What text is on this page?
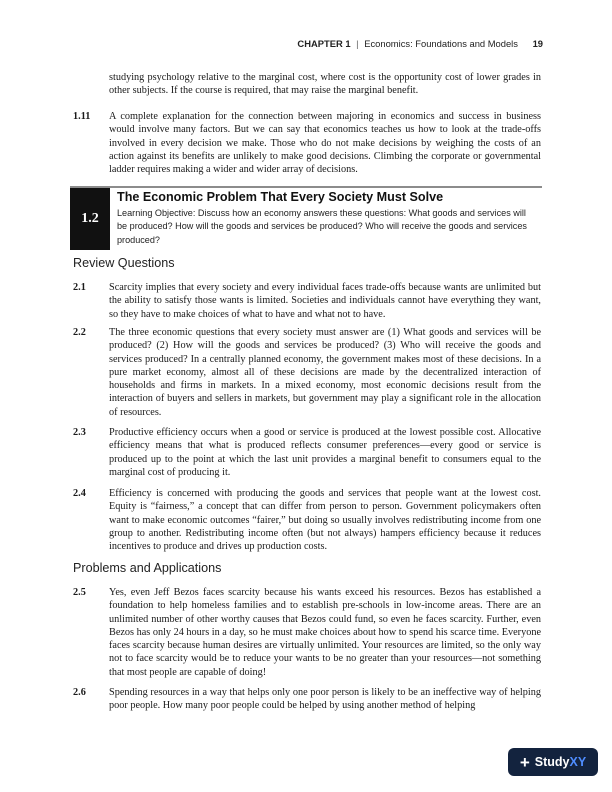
CHAPTER 1 | Economics: Foundations and Models 19
studying psychology relative to the marginal cost, where cost is the opportunity cost of lower grades in other subjects. If the course is required, that may raise the marginal benefit.
1.11 A complete explanation for the connection between majoring in economics and success in business would involve many factors. But we can say that economics teaches us how to look at the trade-offs involved in every decision we make. Those who do not make decisions by weighing the costs of an action against its benefits are unlikely to make good decisions. Climbing the corporate or governmental ladder requires making a wider and wider array of decisions.
1.2
The Economic Problem That Every Society Must Solve
Learning Objective: Discuss how an economy answers these questions: What goods and services will be produced? How will the goods and services be produced? Who will receive the goods and services produced?
Review Questions
2.1 Scarcity implies that every society and every individual faces trade-offs because wants are unlimited but the ability to satisfy those wants is limited. Societies and individuals cannot have everything they want, so they have to make choices of what to have and what not to have.
2.2 The three economic questions that every society must answer are (1) What goods and services will be produced? (2) How will the goods and services be produced? (3) Who will receive the goods and services produced? In a centrally planned economy, the government makes most of these decisions. In a pure market economy, almost all of these decisions are made by the decentralized interaction of households and firms in markets. In a mixed economy, most economic decisions result from the interaction of buyers and sellers in markets, but government may play a significant role in the allocation of resources.
2.3 Productive efficiency occurs when a good or service is produced at the lowest possible cost. Allocative efficiency means that what is produced reflects consumer preferences—every good or service is produced up to the point at which the last unit provides a marginal benefit to consumers equal to the marginal cost of producing it.
2.4 Efficiency is concerned with producing the goods and services that people want at the lowest cost. Equity is “fairness,” a concept that can differ from person to person. Government policymakers often want to make economic outcomes “fairer,” but doing so usually involves redistributing income from one group to another. Redistributing income often (but not always) hampers efficiency because it reduces incentives to produce and drives up production costs.
Problems and Applications
2.5 Yes, even Jeff Bezos faces scarcity because his wants exceed his resources. Bezos has established a foundation to help homeless families and to establish pre-schools in low-income areas. There are an unlimited number of other worthy causes that Bezos could fund, so even he faces scarcity. Further, even Bezos has only 24 hours in a day, so he must make choices about how to spend his scarce time. Everyone faces scarcity because human desires are virtually unlimited. Your resources are limited, so the only way not to face scarcity would be to reduce your wants to be no greater than your resources—not something that most people are capable of doing!
2.6 Spending resources in a way that helps only one poor person is likely to be an ineffective way of helping poor people. How many poor people could be helped by using another method of helping
+ StudyXY
